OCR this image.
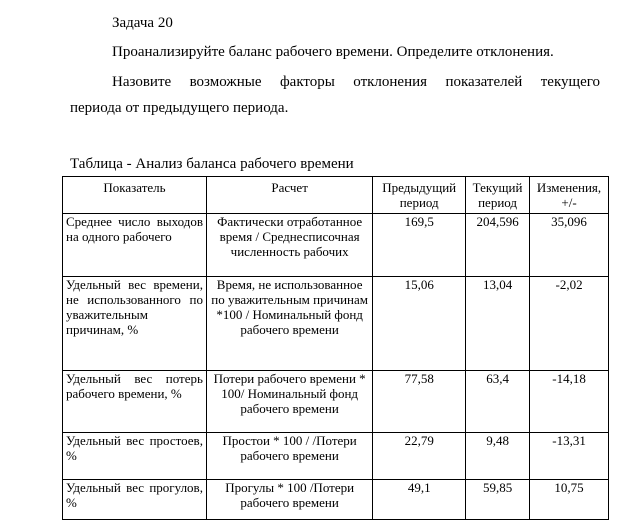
Задача 20
Проанализируйте баланс рабочего времени. Определите отклонения.
Назовите возможные факторы отклонения показателей текущего
периода от предыдущего периода.
Таблица - Анализ баланса рабочего времени
Показатель	Расчет	Предыдущий период	Текущий период	Изменения, +/-
Среднее число выходов на одного рабочего	Фактически отработанное время / Среднесписочная численность рабочих	169,5	204,596	35,096
Удельный вес времени, не использованного по уважительным причинам, %	Время, не использованное по уважительным причинам *100 / Номинальный фонд рабочего времени	15,06	13,04	-2,02
Удельный вес потерь рабочего времени, %	Потери рабочего времени * 100/ Номинальный фонд рабочего времени	77,58	63,4	-14,18
Удельный вес простоев, %	Простои * 100 / /Потери рабочего времени	22,79	9,48	-13,31
Удельный вес прогулов, %	Прогулы * 100 /Потери рабочего времени	49,1	59,85	10,75
